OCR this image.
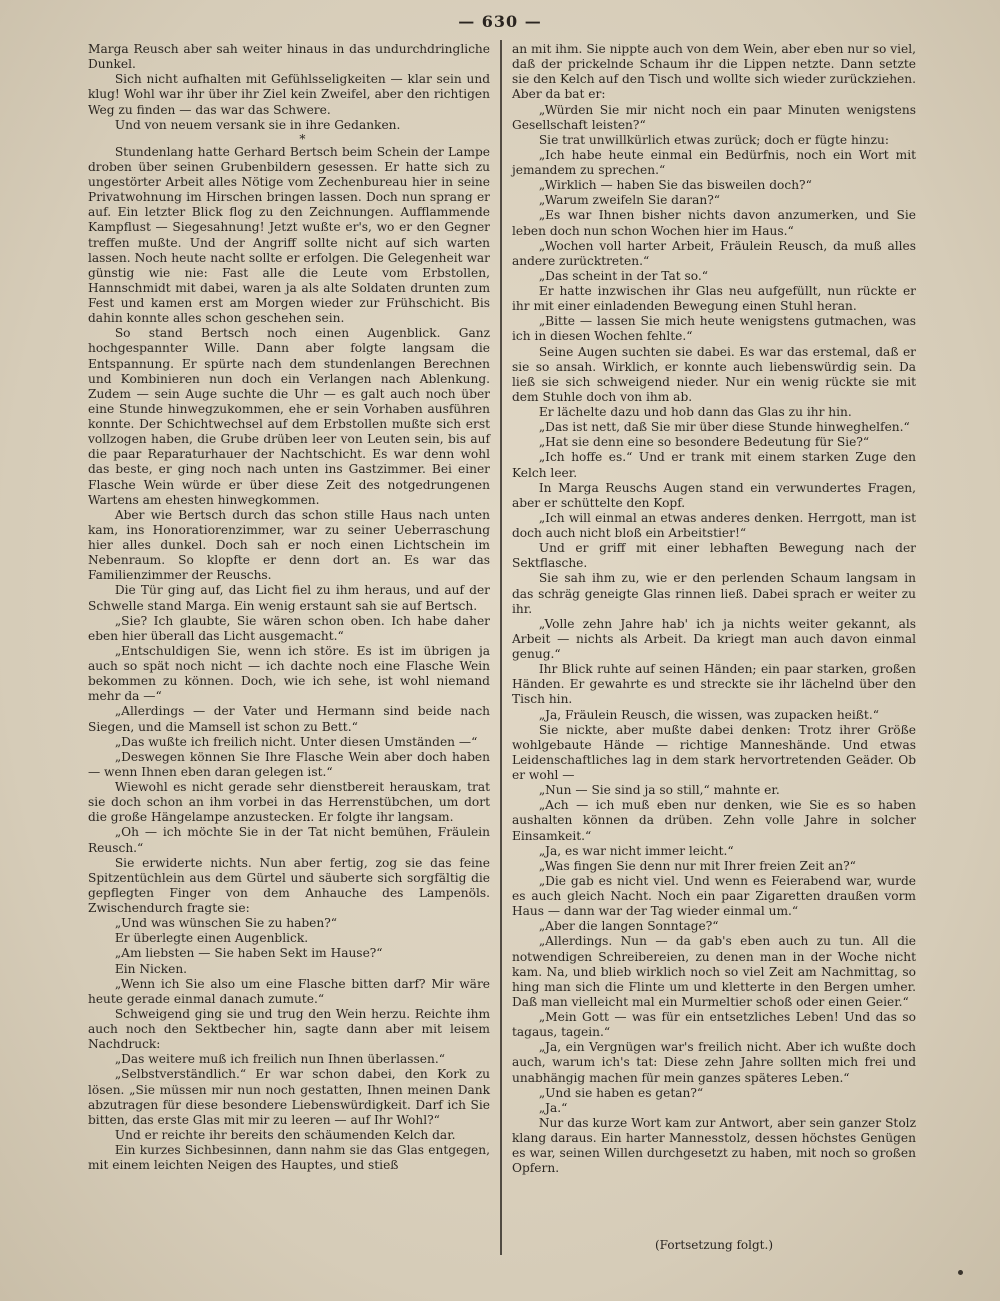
— 630 —

Marga Reusch aber sah weiter hinaus in das undurchdringliche Dunkel.

Sich nicht aufhalten mit Gefühlsseligkeiten — klar sein und klug! Wohl war ihr über ihr Ziel kein Zweifel, aber den richtigen Weg zu finden — das war das Schwere.

Und von neuem versank sie in ihre Gedanken.

*

Stundenlang hatte Gerhard Bertsch beim Schein der Lampe droben über seinen Grubenbildern gesessen. Er hatte sich zu ungestörter Arbeit alles Nötige vom Zechenbureau hier in seine Privatwohnung im Hirschen bringen lassen. Doch nun sprang er auf. Ein letzter Blick flog zu den Zeichnungen. Aufflammende Kampflust — Siegesahnung! Jetzt wußte er's, wo er den Gegner treffen mußte. Und der Angriff sollte nicht auf sich warten lassen. Noch heute nacht sollte er erfolgen. Die Gelegenheit war günstig wie nie: Fast alle die Leute vom Erbstollen, Hannschmidt mit dabei, waren ja als alte Soldaten drunten zum Fest und kamen erst am Morgen wieder zur Frühschicht. Bis dahin konnte alles schon geschehen sein.

So stand Bertsch noch einen Augenblick. Ganz hochgespannter Wille. Dann aber folgte langsam die Entspannung. Er spürte nach dem stundenlangen Berechnen und Kombinieren nun doch ein Verlangen nach Ablenkung. Zudem — sein Auge suchte die Uhr — es galt auch noch über eine Stunde hinwegzukommen, ehe er sein Vorhaben ausführen konnte. Der Schichtwechsel auf dem Erbstollen mußte sich erst vollzogen haben, die Grube drüben leer von Leuten sein, bis auf die paar Reparaturhauer der Nachtschicht. Es war denn wohl das beste, er ging noch nach unten ins Gastzimmer. Bei einer Flasche Wein würde er über diese Zeit des notgedrungenen Wartens am ehesten hinwegkommen.

Aber wie Bertsch durch das schon stille Haus nach unten kam, ins Honoratiorenzimmer, war zu seiner Ueberraschung hier alles dunkel. Doch sah er noch einen Lichtschein im Nebenraum. So klopfte er denn dort an. Es war das Familienzimmer der Reuschs.

Die Tür ging auf, das Licht fiel zu ihm heraus, und auf der Schwelle stand Marga. Ein wenig erstaunt sah sie auf Bertsch.

„Sie? Ich glaubte, Sie wären schon oben. Ich habe daher eben hier überall das Licht ausgemacht.“

„Entschuldigen Sie, wenn ich störe. Es ist im übrigen ja auch so spät noch nicht — ich dachte noch eine Flasche Wein bekommen zu können. Doch, wie ich sehe, ist wohl niemand mehr da —“

„Allerdings — der Vater und Hermann sind beide nach Siegen, und die Mamsell ist schon zu Bett.“

„Das wußte ich freilich nicht. Unter diesen Umständen —“

„Deswegen können Sie Ihre Flasche Wein aber doch haben — wenn Ihnen eben daran gelegen ist.“

Wiewohl es nicht gerade sehr dienstbereit herauskam, trat sie doch schon an ihm vorbei in das Herrenstübchen, um dort die große Hängelampe anzustecken. Er folgte ihr langsam.

„Oh — ich möchte Sie in der Tat nicht bemühen, Fräulein Reusch.“

Sie erwiderte nichts. Nun aber fertig, zog sie das feine Spitzentüchlein aus dem Gürtel und säuberte sich sorgfältig die gepflegten Finger von dem Anhauche des Lampenöls. Zwischendurch fragte sie:

„Und was wünschen Sie zu haben?“

Er überlegte einen Augenblick.

„Am liebsten — Sie haben Sekt im Hause?“

Ein Nicken.

„Wenn ich Sie also um eine Flasche bitten darf? Mir wäre heute gerade einmal danach zumute.“

Schweigend ging sie und trug den Wein herzu. Reichte ihm auch noch den Sektbecher hin, sagte dann aber mit leisem Nachdruck:

„Das weitere muß ich freilich nun Ihnen überlassen.“

„Selbstverständlich.“ Er war schon dabei, den Kork zu lösen. „Sie müssen mir nun noch gestatten, Ihnen meinen Dank abzutragen für diese besondere Liebenswürdigkeit. Darf ich Sie bitten, das erste Glas mit mir zu leeren — auf Ihr Wohl?“

Und er reichte ihr bereits den schäumenden Kelch dar.

Ein kurzes Sichbesinnen, dann nahm sie das Glas entgegen, mit einem leichten Neigen des Hauptes, und stieß

an mit ihm. Sie nippte auch von dem Wein, aber eben nur so viel, daß der prickelnde Schaum ihr die Lippen netzte. Dann setzte sie den Kelch auf den Tisch und wollte sich wieder zurückziehen. Aber da bat er:

„Würden Sie mir nicht noch ein paar Minuten wenigstens Gesellschaft leisten?“

Sie trat unwillkürlich etwas zurück; doch er fügte hinzu:

„Ich habe heute einmal ein Bedürfnis, noch ein Wort mit jemandem zu sprechen.“

„Wirklich — haben Sie das bisweilen doch?“

„Warum zweifeln Sie daran?“

„Es war Ihnen bisher nichts davon anzumerken, und Sie leben doch nun schon Wochen hier im Haus.“

„Wochen voll harter Arbeit, Fräulein Reusch, da muß alles andere zurücktreten.“

„Das scheint in der Tat so.“

Er hatte inzwischen ihr Glas neu aufgefüllt, nun rückte er ihr mit einer einladenden Bewegung einen Stuhl heran.

„Bitte — lassen Sie mich heute wenigstens gutmachen, was ich in diesen Wochen fehlte.“

Seine Augen suchten sie dabei. Es war das erstemal, daß er sie so ansah. Wirklich, er konnte auch liebenswürdig sein. Da ließ sie sich schweigend nieder. Nur ein wenig rückte sie mit dem Stuhle doch von ihm ab.

Er lächelte dazu und hob dann das Glas zu ihr hin.

„Das ist nett, daß Sie mir über diese Stunde hinweghelfen.“

„Hat sie denn eine so besondere Bedeutung für Sie?“

„Ich hoffe es.“ Und er trank mit einem starken Zuge den Kelch leer.

In Marga Reuschs Augen stand ein verwundertes Fragen, aber er schüttelte den Kopf.

„Ich will einmal an etwas anderes denken. Herrgott, man ist doch auch nicht bloß ein Arbeitstier!“

Und er griff mit einer lebhaften Bewegung nach der Sektflasche.

Sie sah ihm zu, wie er den perlenden Schaum langsam in das schräg geneigte Glas rinnen ließ. Dabei sprach er weiter zu ihr.

„Volle zehn Jahre hab' ich ja nichts weiter gekannt, als Arbeit — nichts als Arbeit. Da kriegt man auch davon einmal genug.“

Ihr Blick ruhte auf seinen Händen; ein paar starken, großen Händen. Er gewahrte es und streckte sie ihr lächelnd über den Tisch hin.

„Ja, Fräulein Reusch, die wissen, was zupacken heißt.“

Sie nickte, aber mußte dabei denken: Trotz ihrer Größe wohlgebaute Hände — richtige Manneshände. Und etwas Leidenschaftliches lag in dem stark hervortretenden Geäder. Ob er wohl —

„Nun — Sie sind ja so still,“ mahnte er.

„Ach — ich muß eben nur denken, wie Sie es so haben aushalten können da drüben. Zehn volle Jahre in solcher Einsamkeit.“

„Ja, es war nicht immer leicht.“

„Was fingen Sie denn nur mit Ihrer freien Zeit an?“

„Die gab es nicht viel. Und wenn es Feierabend war, wurde es auch gleich Nacht. Noch ein paar Zigaretten draußen vorm Haus — dann war der Tag wieder einmal um.“

„Aber die langen Sonntage?“

„Allerdings. Nun — da gab's eben auch zu tun. All die notwendigen Schreibereien, zu denen man in der Woche nicht kam. Na, und blieb wirklich noch so viel Zeit am Nachmittag, so hing man sich die Flinte um und kletterte in den Bergen umher. Daß man vielleicht mal ein Murmeltier schoß oder einen Geier.“

„Mein Gott — was für ein entsetzliches Leben! Und das so tagaus, tagein.“

„Ja, ein Vergnügen war's freilich nicht. Aber ich wußte doch auch, warum ich's tat: Diese zehn Jahre sollten mich frei und unabhängig machen für mein ganzes späteres Leben.“

„Und sie haben es getan?“

„Ja.“

Nur das kurze Wort kam zur Antwort, aber sein ganzer Stolz klang daraus. Ein harter Mannesstolz, dessen höchstes Genügen es war, seinen Willen durchgesetzt zu haben, mit noch so großen Opfern.

(Fortsetzung folgt.)
